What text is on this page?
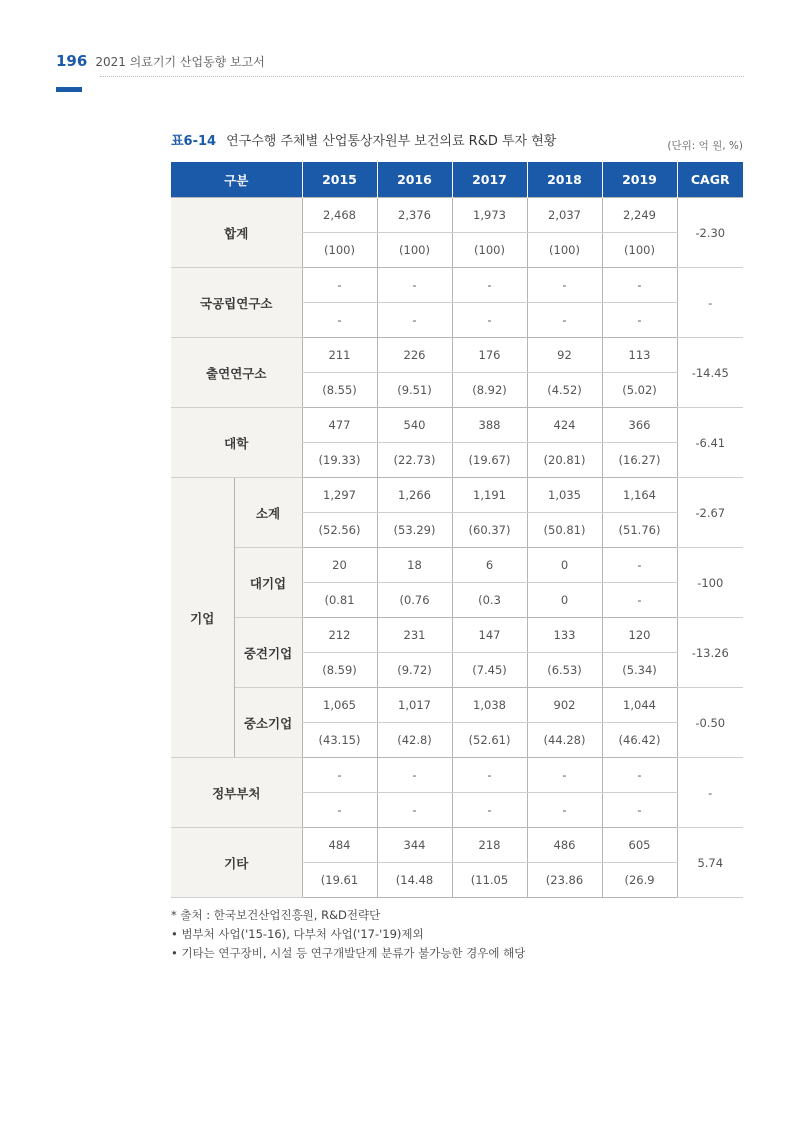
196 2021 의료기기 산업동향 보고서
표6-14 연구수행 주체별 산업통상자원부 보건의료 R&D 투자 현황	(단위: 억 원, %)
구분		2015	2016	2017	2018	2019	CAGR
합계		2,468	2,376	1,973	2,037	2,249	-2.30
		(100)	(100)	(100)	(100)	(100)	
국공립연구소		-	-	-	-	-	-
		-	-	-	-	-	
출연연구소		211	226	176	92	113	-14.45
		(8.55)	(9.51)	(8.92)	(4.52)	(5.02)	
대학		477	540	388	424	366	-6.41
		(19.33)	(22.73)	(19.67)	(20.81)	(16.27)	
기업	소계	1,297	1,266	1,191	1,035	1,164	-2.67
		(52.56)	(53.29)	(60.37)	(50.81)	(51.76)	
	대기업	20	18	6	0	-	-100
		(0.81	(0.76	(0.3	0	-	
	중견기업	212	231	147	133	120	-13.26
		(8.59)	(9.72)	(7.45)	(6.53)	(5.34)	
	중소기업	1,065	1,017	1,038	902	1,044	-0.50
		(43.15)	(42.8)	(52.61)	(44.28)	(46.42)	
정부부처		-	-	-	-	-	-
		-	-	-	-	-	
기타		484	344	218	486	605	5.74
		(19.61	(14.48	(11.05	(23.86	(26.9	
* 출처 : 한국보건산업진흥원, R&D전략단
• 범부처 사업('15-16), 다부처 사업('17-'19)제외
• 기타는 연구장비, 시설 등 연구개발단계 분류가 불가능한 경우에 해당
